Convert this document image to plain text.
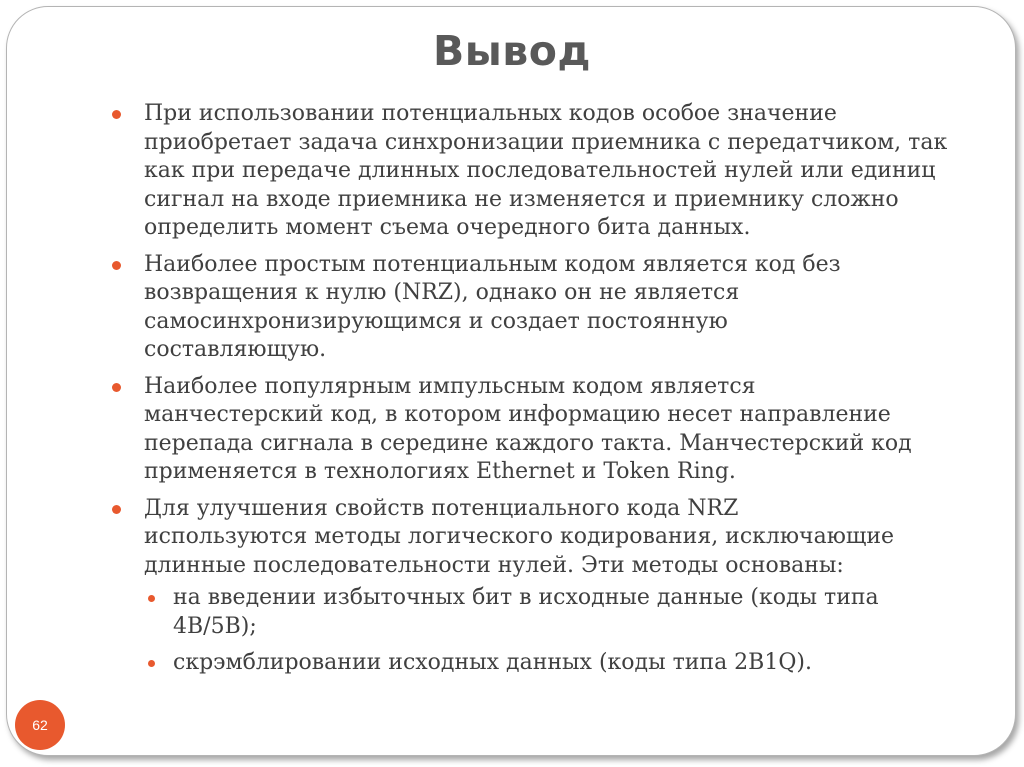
Вывод
При использовании потенциальных кодов особое значение
приобретает задача синхронизации приемника с передатчиком, так
как при передаче длинных последовательностей нулей или единиц
сигнал на входе приемника не изменяется и приемнику сложно
определить момент съема очередного бита данных.
Наиболее простым потенциальным кодом является код без
возвращения к нулю (NRZ), однако он не является
самосинхронизирующимся и создает постоянную
составляющую.
Наиболее популярным импульсным кодом является
манчестерский код, в котором информацию несет направление
перепада сигнала в середине каждого такта. Манчестерский код
применяется в технологиях Ethernet и Token Ring.
Для улучшения свойств потенциального кода NRZ
используются методы логического кодирования, исключающие
длинные последовательности нулей. Эти методы основаны:
на введении избыточных бит в исходные данные (коды типа
4B/5B);
скрэмблировании исходных данных (коды типа 2B1Q).
62
